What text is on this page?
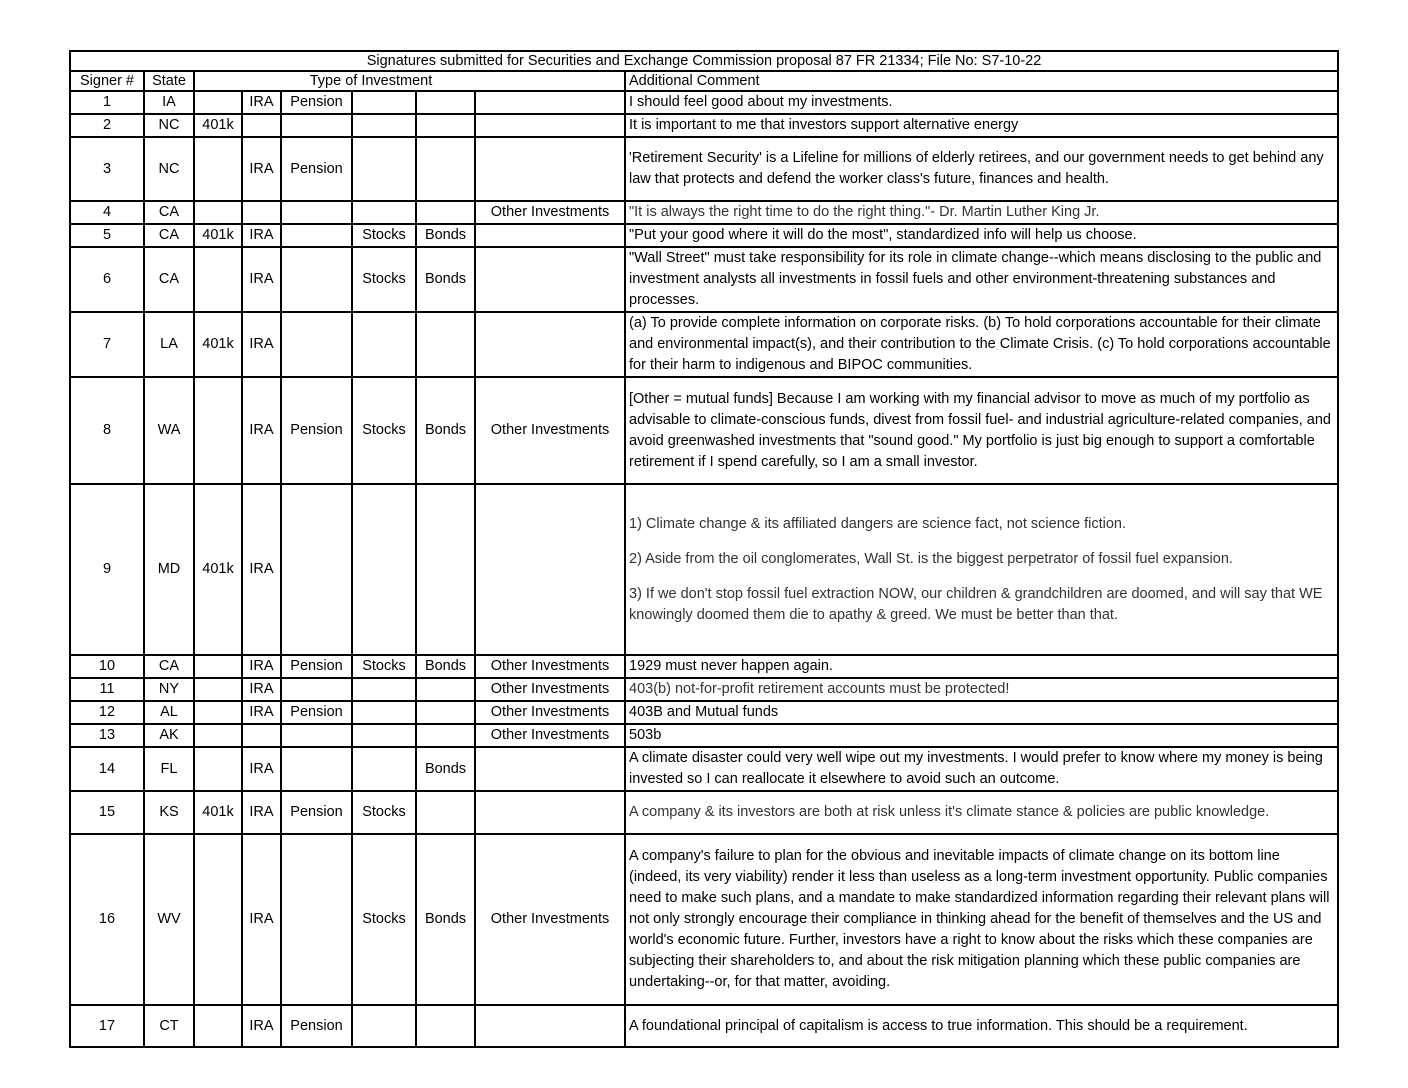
Signatures submitted for Securities and Exchange Commission proposal 87 FR 21334; File No: S7-10-22								
Signer #	State	Type of Investment						Additional Comment
1	IA		IRA	Pension				I should feel good about my investments.
2	NC	401k						It is important to me that investors support alternative energy
3	NC		IRA	Pension				'Retirement Security' is a Lifeline for millions of elderly retirees, and our government needs to get behind any law that protects and defend the worker class's future, finances and health.
4	CA						Other Investments	"It is always the right time to do the right thing."- Dr. Martin Luther King Jr.
5	CA	401k	IRA		Stocks	Bonds		"Put your good where it will do the most", standardized info will help us choose.
6	CA		IRA		Stocks	Bonds		"Wall Street" must take responsibility for its role in climate change--which means disclosing to the public and investment analysts all investments in fossil fuels and other environment-threatening substances and processes.
7	LA	401k	IRA					(a) To provide complete information on corporate risks. (b) To hold corporations accountable for their climate and environmental impact(s), and their contribution to the Climate Crisis. (c) To hold corporations accountable for their harm to indigenous and BIPOC communities.
8	WA		IRA	Pension	Stocks	Bonds	Other Investments	[Other = mutual funds] Because I am working with my financial advisor to move as much of my portfolio as advisable to climate-conscious funds, divest from fossil fuel- and industrial agriculture-related companies, and avoid greenwashed investments that "sound good." My portfolio is just big enough to support a comfortable retirement if I spend carefully, so I am a small investor.
9	MD	401k	IRA					1) Climate change & its affiliated dangers are science fact, not science fiction.
2) Aside from the oil conglomerates, Wall St. is the biggest perpetrator of fossil fuel expansion.
3) If we don't stop fossil fuel extraction NOW, our children & grandchildren are doomed, and will say that WE knowingly doomed them die to apathy & greed. We must be better than that.

10	CA		IRA	Pension	Stocks	Bonds	Other Investments	1929 must never happen again.
11	NY		IRA				Other Investments	403(b) not-for-profit retirement accounts must be protected!
12	AL		IRA	Pension			Other Investments	403B and Mutual funds
13	AK						Other Investments	503b
14	FL		IRA			Bonds		A climate disaster could very well wipe out my investments. I would prefer to know where my money is being invested so I can reallocate it elsewhere to avoid such an outcome.
15	KS	401k	IRA	Pension	Stocks			A company & its investors are both at risk unless it's climate stance & policies are public knowledge.
16	WV		IRA		Stocks	Bonds	Other Investments	A company's failure to plan for the obvious and inevitable impacts of climate change on its bottom line (indeed, its very viability) render it less than useless as a long-term investment opportunity. Public companies need to make such plans, and a mandate to make standardized information regarding their relevant plans will not only strongly encourage their compliance in thinking ahead for the benefit of themselves and the US and world's economic future. Further, investors have a right to know about the risks which these companies are subjecting their shareholders to, and about the risk mitigation planning which these public companies are undertaking--or, for that matter, avoiding.
17	CT		IRA	Pension				A foundational principal of capitalism is access to true information. This should be a requirement.
